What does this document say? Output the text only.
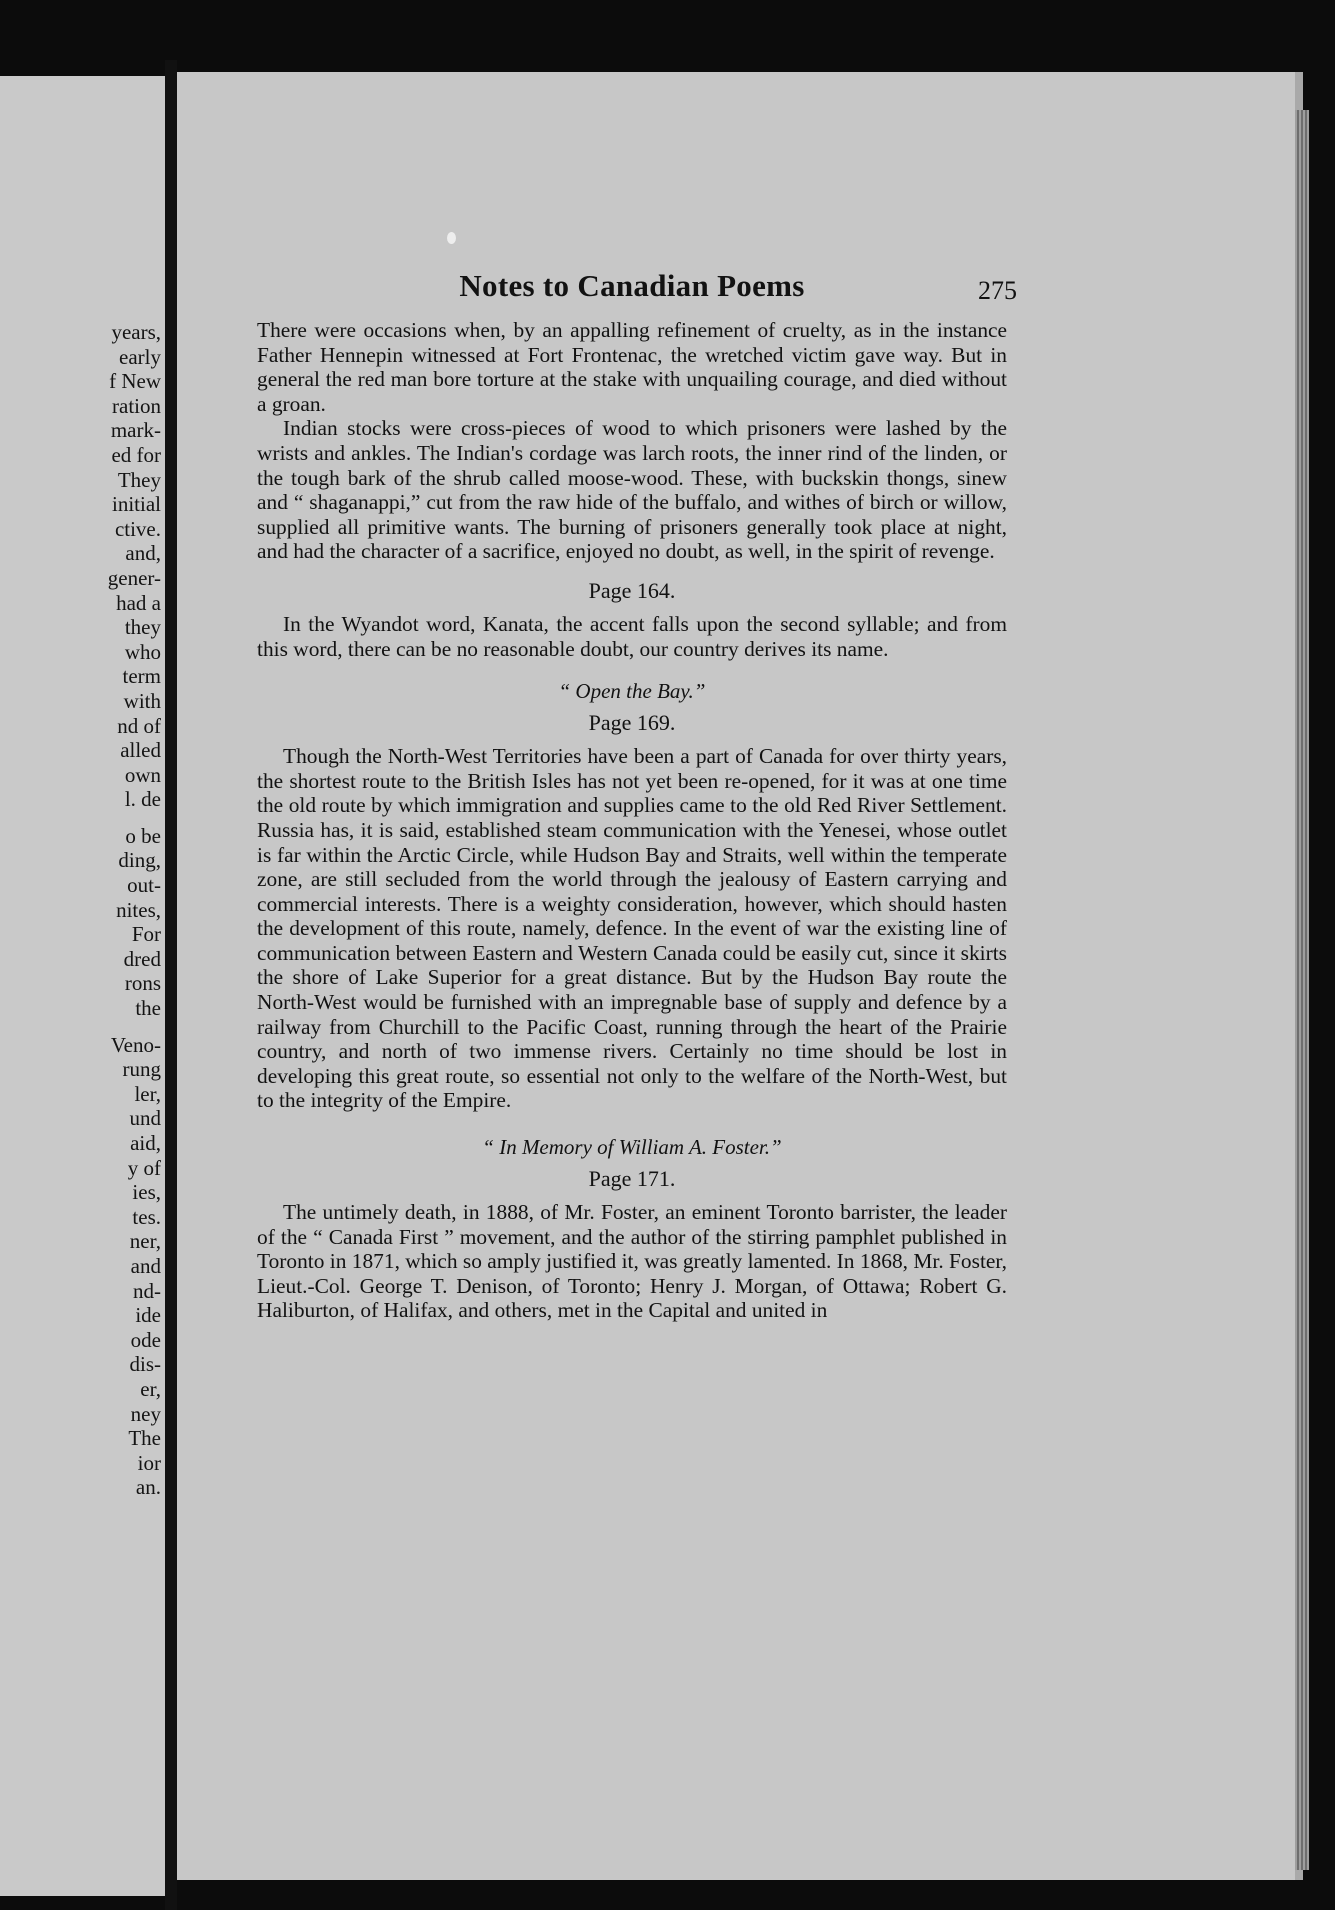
years,
early
f New
ration
mark-
ed for
They
initial
ctive.
and,
gener-
had a
they
who
term
with
nd of
alled
own
l. de
o be
ding,
out-
nites,
For
dred
rons
the
Veno-
rung
ler,
und
aid,
y of
ies,
tes.
ner,
and
nd-
ide
ode
dis-
er,
ney
The
ior
an.
Notes to Canadian Poems	275

There were occasions when, by an appalling refinement of cruelty, as in the instance Father Hennepin witnessed at Fort Frontenac, the wretched victim gave way. But in general the red man bore torture at the stake with unquailing courage, and died without a groan.

Indian stocks were cross-pieces of wood to which prisoners were lashed by the wrists and ankles. The Indian's cordage was larch roots, the inner rind of the linden, or the tough bark of the shrub called moose-wood. These, with buckskin thongs, sinew and “ shaganappi,” cut from the raw hide of the buffalo, and withes of birch or willow, supplied all primitive wants. The burning of prisoners generally took place at night, and had the character of a sacrifice, enjoyed no doubt, as well, in the spirit of revenge.

Page 164.

In the Wyandot word, Kanata, the accent falls upon the second syllable; and from this word, there can be no reasonable doubt, our country derives its name.

“ Open the Bay.”
Page 169.

Though the North-West Territories have been a part of Canada for over thirty years, the shortest route to the British Isles has not yet been re-opened, for it was at one time the old route by which immigration and supplies came to the old Red River Settlement. Russia has, it is said, established steam communication with the Yenesei, whose outlet is far within the Arctic Circle, while Hudson Bay and Straits, well within the temperate zone, are still secluded from the world through the jealousy of Eastern carrying and commercial interests. There is a weighty consideration, however, which should hasten the development of this route, namely, defence. In the event of war the existing line of communication between Eastern and Western Canada could be easily cut, since it skirts the shore of Lake Superior for a great distance. But by the Hudson Bay route the North-West would be furnished with an impregnable base of supply and defence by a railway from Churchill to the Pacific Coast, running through the heart of the Prairie country, and north of two immense rivers. Certainly no time should be lost in developing this great route, so essential not only to the welfare of the North-West, but to the integrity of the Empire.

“ In Memory of William A. Foster.”
Page 171.

The untimely death, in 1888, of Mr. Foster, an eminent Toronto barrister, the leader of the “ Canada First ” movement, and the author of the stirring pamphlet published in Toronto in 1871, which so amply justified it, was greatly lamented. In 1868, Mr. Foster, Lieut.-Col. George T. Denison, of Toronto; Henry J. Morgan, of Ottawa; Robert G. Haliburton, of Halifax, and others, met in the Capital and united in
